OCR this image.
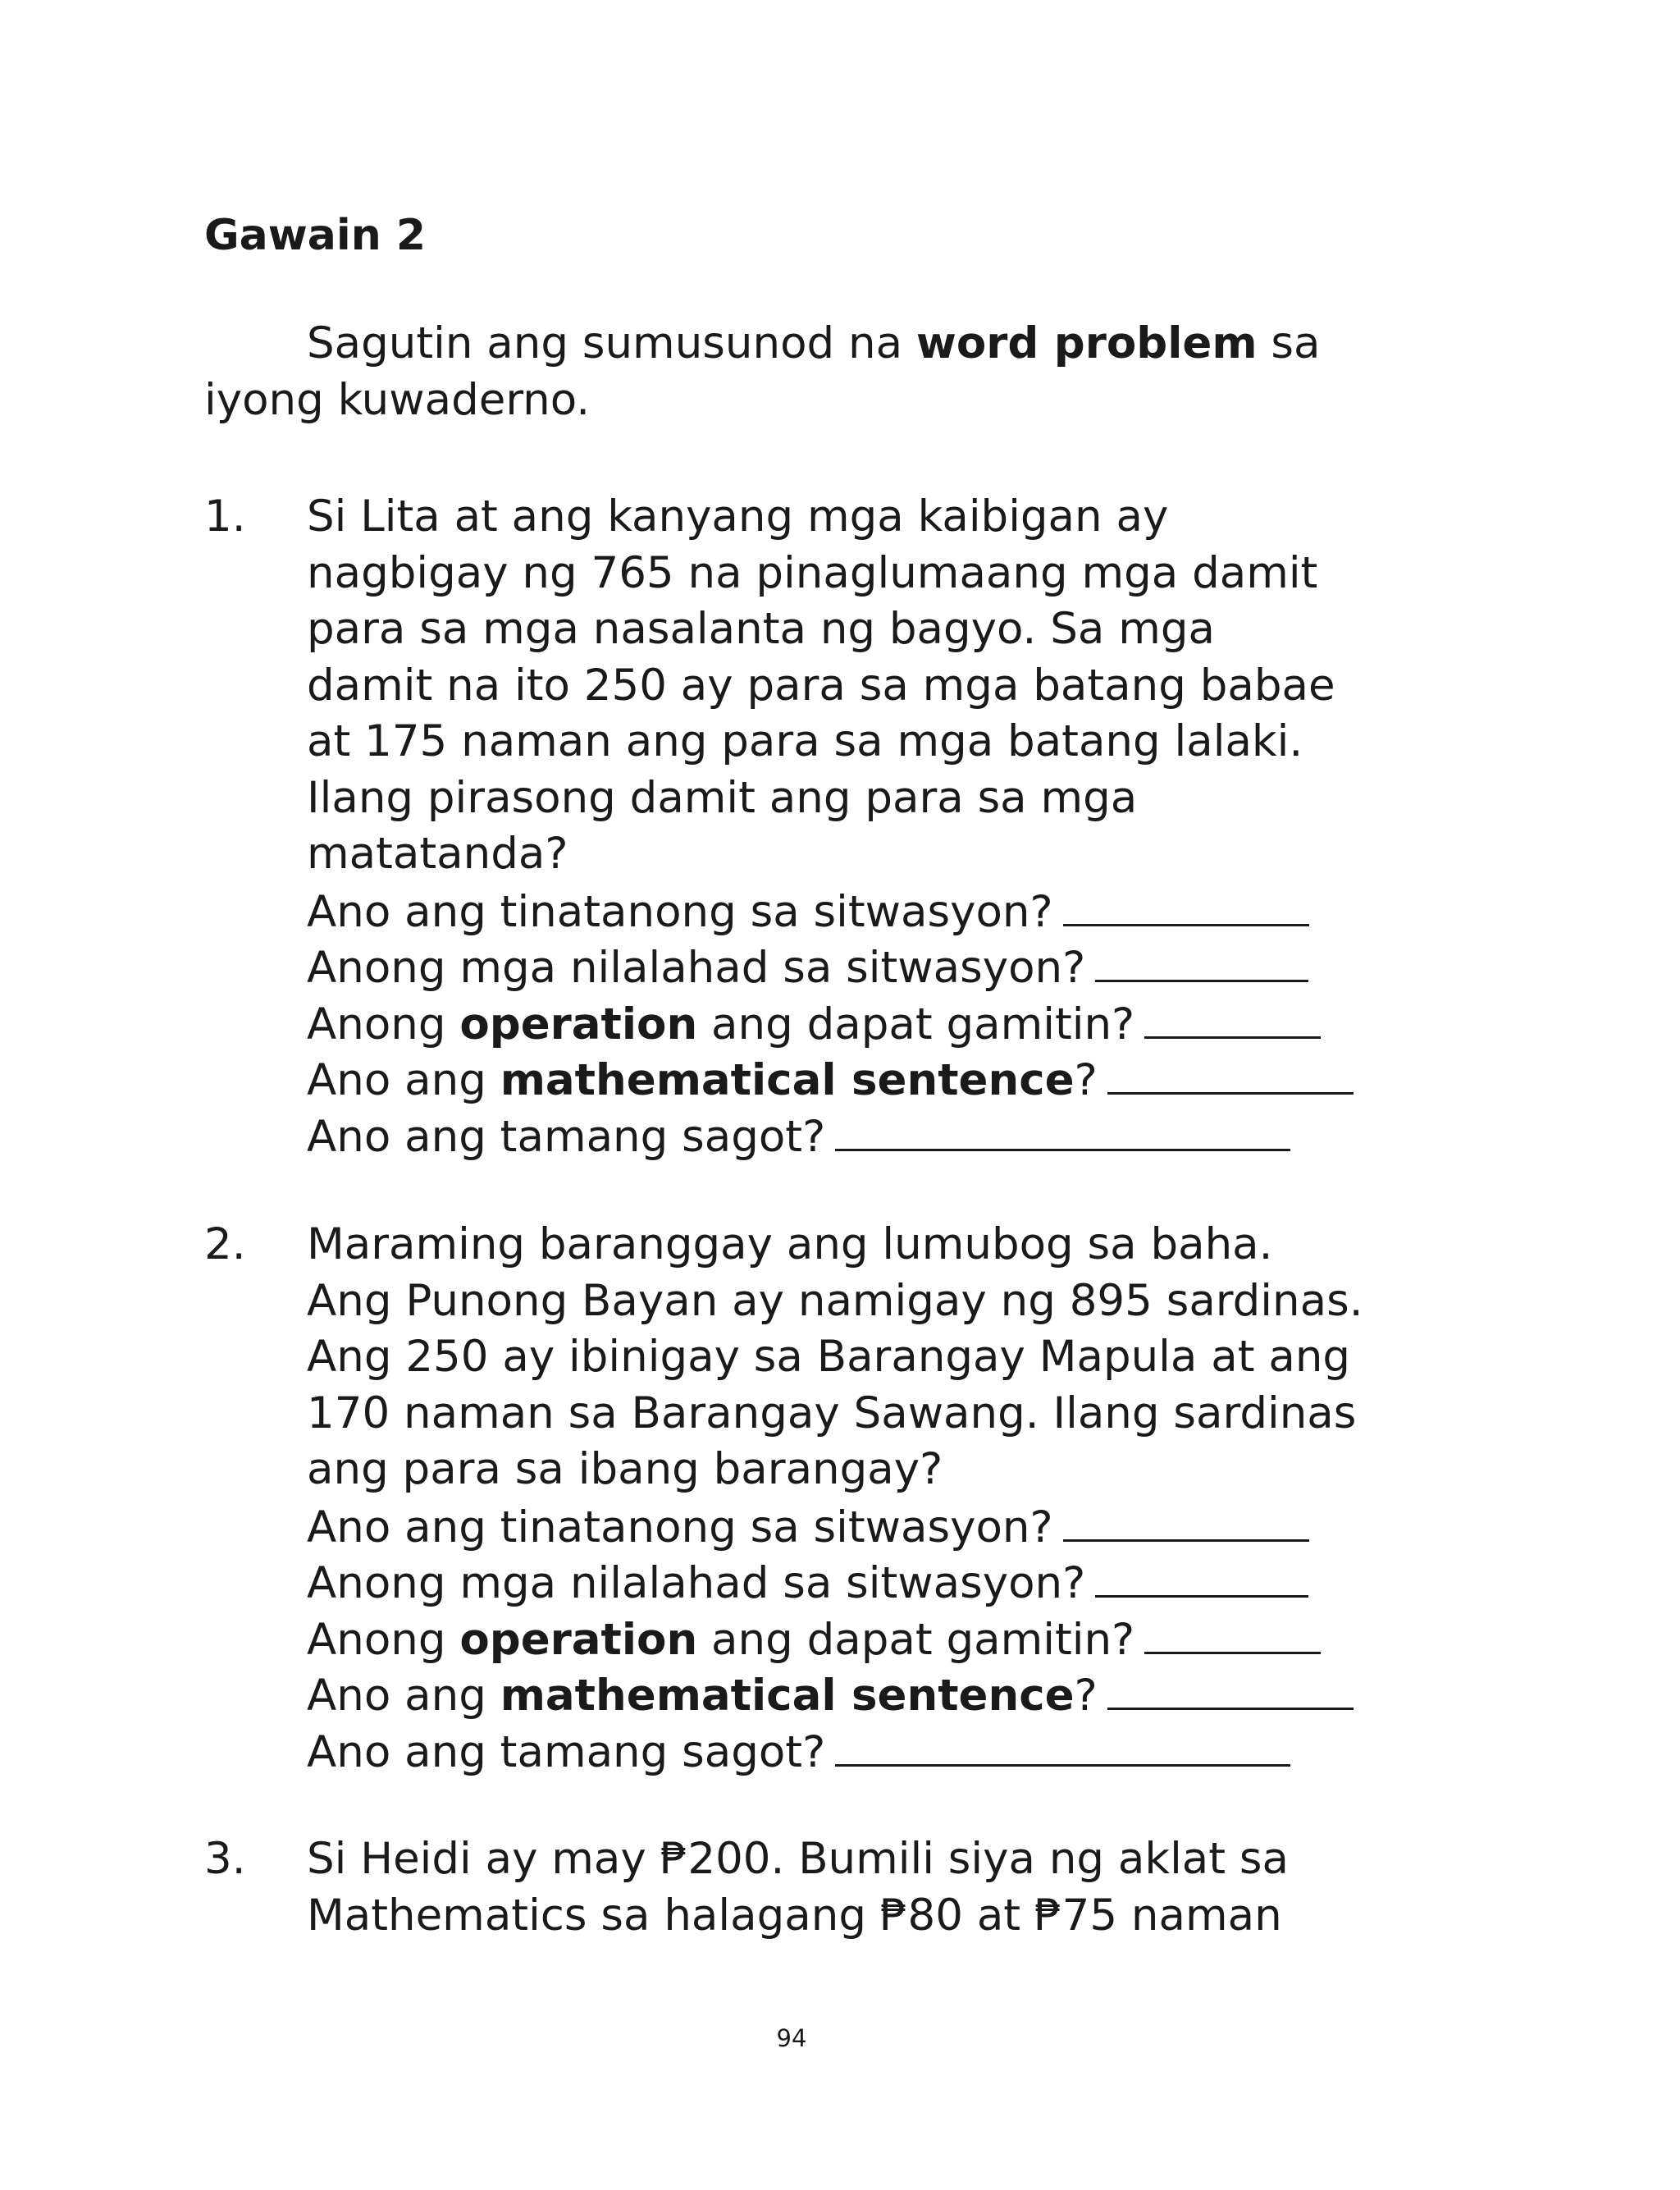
Gawain 2
Sagutin ang sumusunod na word problem sa
iyong kuwaderno.
1. Si Lita at ang kanyang mga kaibigan ay
nagbigay ng 765 na pinaglumaang mga damit
para sa mga nasalanta ng bagyo. Sa mga
damit na ito 250 ay para sa mga batang babae
at 175 naman ang para sa mga batang lalaki.
Ilang pirasong damit ang para sa mga
matatanda?
Ano ang tinatanong sa sitwasyon?
Anong mga nilalahad sa sitwasyon?
Anong operation ang dapat gamitin?
Ano ang mathematical sentence?
Ano ang tamang sagot?
2. Maraming baranggay ang lumubog sa baha.
Ang Punong Bayan ay namigay ng 895 sardinas.
Ang 250 ay ibinigay sa Barangay Mapula at ang
170 naman sa Barangay Sawang. Ilang sardinas
ang para sa ibang barangay?
Ano ang tinatanong sa sitwasyon?
Anong mga nilalahad sa sitwasyon?
Anong operation ang dapat gamitin?
Ano ang mathematical sentence?
Ano ang tamang sagot?
3. Si Heidi ay may ₱200. Bumili siya ng aklat sa
Mathematics sa halagang ₱80 at ₱75 naman
94
